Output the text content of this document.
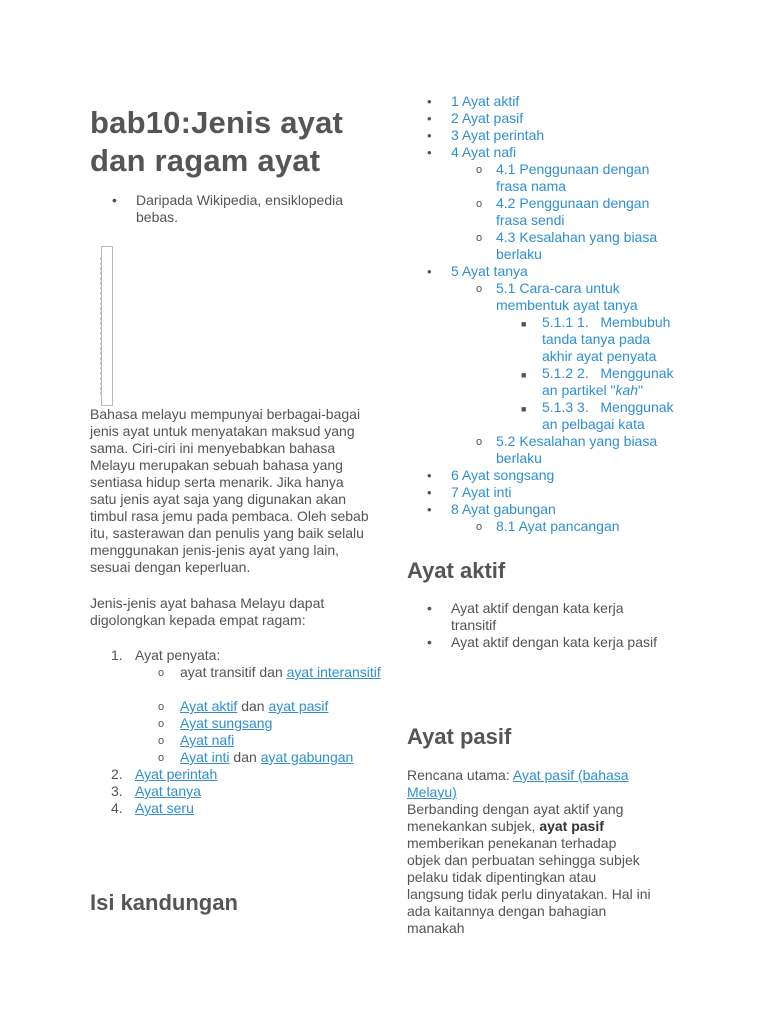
bab10:Jenis ayat dan ragam ayat
• Daripada Wikipedia, ensiklopedia bebas.

Bahasa melayu mempunyai berbagai-bagai jenis ayat untuk menyatakan maksud yang sama. Ciri-ciri ini menyebabkan bahasa Melayu merupakan sebuah bahasa yang sentiasa hidup serta menarik. Jika hanya satu jenis ayat saja yang digunakan akan timbul rasa jemu pada pembaca. Oleh sebab itu, sasterawan dan penulis yang baik selalu menggunakan jenis-jenis ayat yang lain, sesuai dengan keperluan.

Jenis-jenis ayat bahasa Melayu dapat digolongkan kepada empat ragam:

1. Ayat penyata:
o ayat transitif dan ayat interansitif
o Ayat aktif dan ayat pasif
o Ayat sungsang
o Ayat nafi
o Ayat inti dan ayat gabungan
2. Ayat perintah
3. Ayat tanya
4. Ayat seru
Isi kandungan
• 1 Ayat aktif
• 2 Ayat pasif
• 3 Ayat perintah
• 4 Ayat nafi
o 4.1 Penggunaan dengan
frasa nama
o 4.2 Penggunaan dengan
frasa sendi
o 4.3 Kesalahan yang biasa
berlaku
• 5 Ayat tanya
o 5.1 Cara-cara untuk
membentuk ayat tanya
■ 5.1.1 1.   Membubuh
tanda tanya pada
akhir ayat penyata
■ 5.1.2 2.   Menggunak
an partikel "kah"
■ 5.1.3 3.   Menggunak
an pelbagai kata
o 5.2 Kesalahan yang biasa
berlaku
• 6 Ayat songsang
• 7 Ayat inti
• 8 Ayat gabungan
o 8.1 Ayat pancangan
Ayat aktif
• Ayat aktif dengan kata kerja transitif
• Ayat aktif dengan kata kerja pasif
Ayat pasif
Rencana utama: Ayat pasif (bahasa Melayu)
Berbanding dengan ayat aktif yang menekankan subjek, ayat pasif memberikan penekanan terhadap objek dan perbuatan sehingga subjek pelaku tidak dipentingkan atau langsung tidak perlu dinyatakan. Hal ini ada kaitannya dengan bahagian manakah
